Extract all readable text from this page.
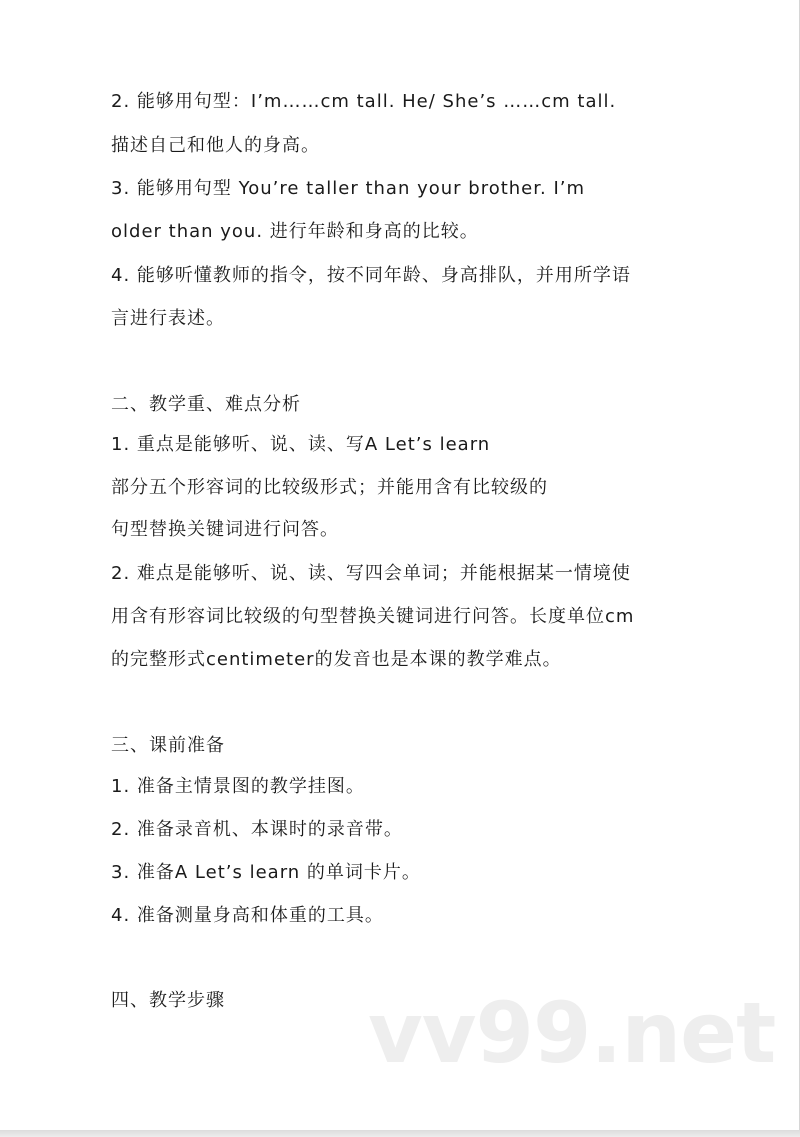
2. 能够用句型：I’m……cm tall. He/ She’s ……cm tall.
描述自己和他人的身高。
3. 能够用句型 You’re taller than your brother. I’m
older than you. 进行年龄和身高的比较。
4. 能够听懂教师的指令，按不同年龄、身高排队，并用所学语
言进行表述。
二、教学重、难点分析
1. 重点是能够听、说、读、写A Let’s learn
部分五个形容词的比较级形式；并能用含有比较级的
句型替换关键词进行问答。
2. 难点是能够听、说、读、写四会单词；并能根据某一情境使
用含有形容词比较级的句型替换关键词进行问答。长度单位cm
的完整形式centimeter的发音也是本课的教学难点。
三、课前准备
1. 准备主情景图的教学挂图。
2. 准备录音机、本课时的录音带。
3. 准备A Let’s learn 的单词卡片。
4. 准备测量身高和体重的工具。
四、教学步骤 vv99.net
